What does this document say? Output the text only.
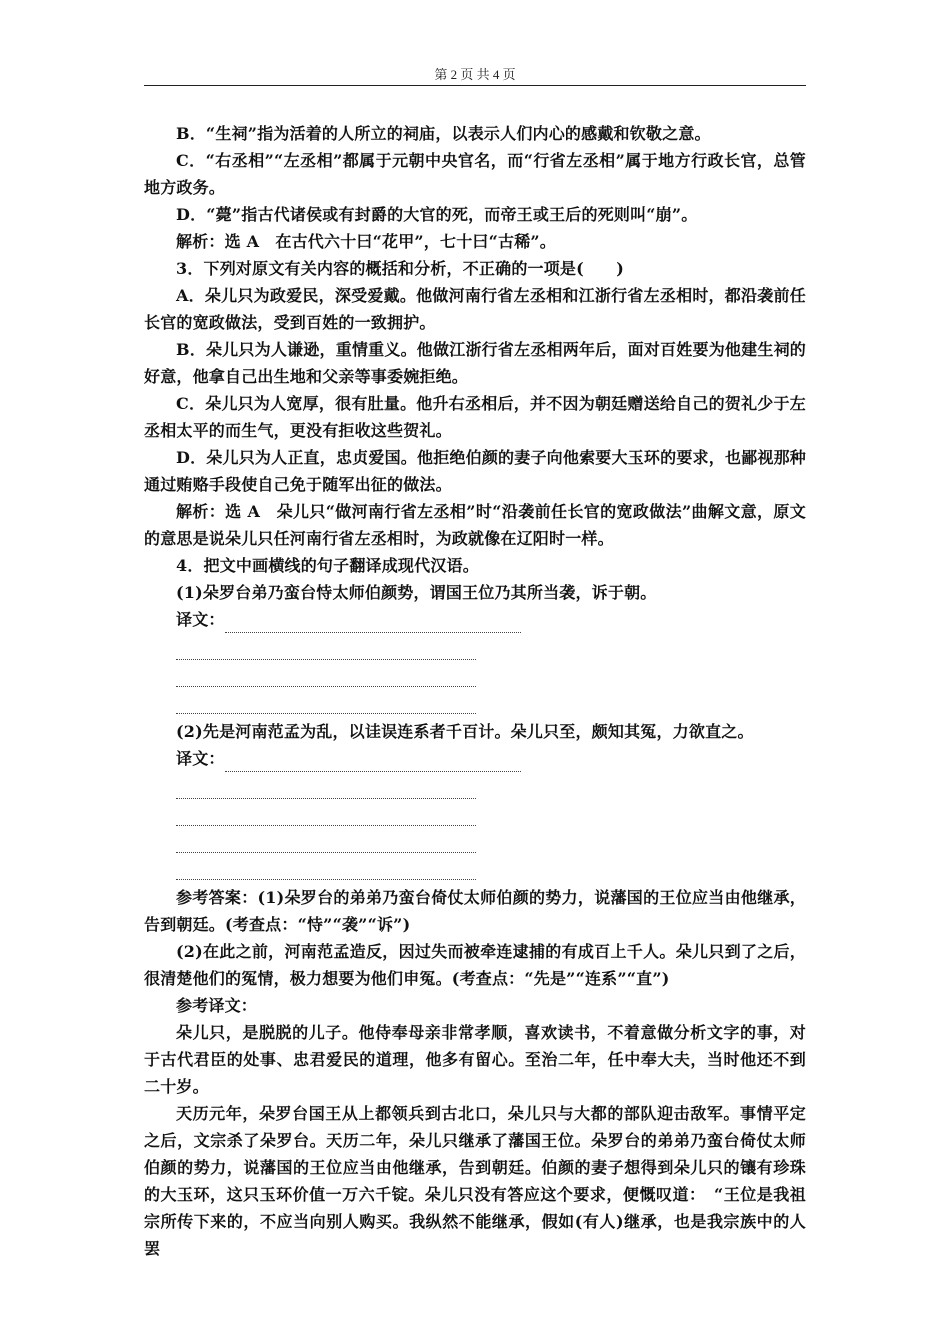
第 2 页 共 4 页

B．“生祠”指为活着的人所立的祠庙，以表示人们内心的感戴和钦敬之意。

C．“右丞相”“左丞相”都属于元朝中央官名，而“行省左丞相”属于地方行政长官，总管地方政务。

D．“薨”指古代诸侯或有封爵的大官的死，而帝王或王后的死则叫“崩”。

解析：选 A　在古代六十曰“花甲”，七十曰“古稀”。

3．下列对原文有关内容的概括和分析，不正确的一项是(　　)

A．朵儿只为政爱民，深受爱戴。他做河南行省左丞相和江浙行省左丞相时，都沿袭前任长官的宽政做法，受到百姓的一致拥护。

B．朵儿只为人谦逊，重情重义。他做江浙行省左丞相两年后，面对百姓要为他建生祠的好意，他拿自己出生地和父亲等事委婉拒绝。

C．朵儿只为人宽厚，很有肚量。他升右丞相后，并不因为朝廷赠送给自己的贺礼少于左丞相太平的而生气，更没有拒收这些贺礼。

D．朵儿只为人正直，忠贞爱国。他拒绝伯颜的妻子向他索要大玉环的要求，也鄙视那种通过贿赂手段使自己免于随军出征的做法。

解析：选 A　朵儿只“做河南行省左丞相”时“沿袭前任长官的宽政做法”曲解文意，原文的意思是说朵儿只任河南行省左丞相时，为政就像在辽阳时一样。

4．把文中画横线的句子翻译成现代汉语。

(1)朵罗台弟乃蛮台恃太师伯颜势，谓国王位乃其所当袭，诉于朝。

译文：

(2)先是河南范孟为乱，以诖误连系者千百计。朵儿只至，颇知其冤，力欲直之。

译文：

参考答案：(1)朵罗台的弟弟乃蛮台倚仗太师伯颜的势力，说藩国的王位应当由他继承，告到朝廷。(考查点：“恃”“袭”“诉”)

(2)在此之前，河南范孟造反，因过失而被牵连逮捕的有成百上千人。朵儿只到了之后，很清楚他们的冤情，极力想要为他们申冤。(考查点：“先是”“连系”“直”)

参考译文：

朵儿只，是脱脱的儿子。他侍奉母亲非常孝顺，喜欢读书，不着意做分析文字的事，对于古代君臣的处事、忠君爱民的道理，他多有留心。至治二年，任中奉大夫，当时他还不到二十岁。

天历元年，朵罗台国王从上都领兵到古北口，朵儿只与大都的部队迎击敌军。事情平定之后，文宗杀了朵罗台。天历二年，朵儿只继承了藩国王位。朵罗台的弟弟乃蛮台倚仗太师伯颜的势力，说藩国的王位应当由他继承，告到朝廷。伯颜的妻子想得到朵儿只的镶有珍珠的大玉环，这只玉环价值一万六千锭。朵儿只没有答应这个要求，便慨叹道：　“王位是我祖宗所传下来的，不应当向别人购买。我纵然不能继承，假如(有人)继承，也是我宗族中的人罢
